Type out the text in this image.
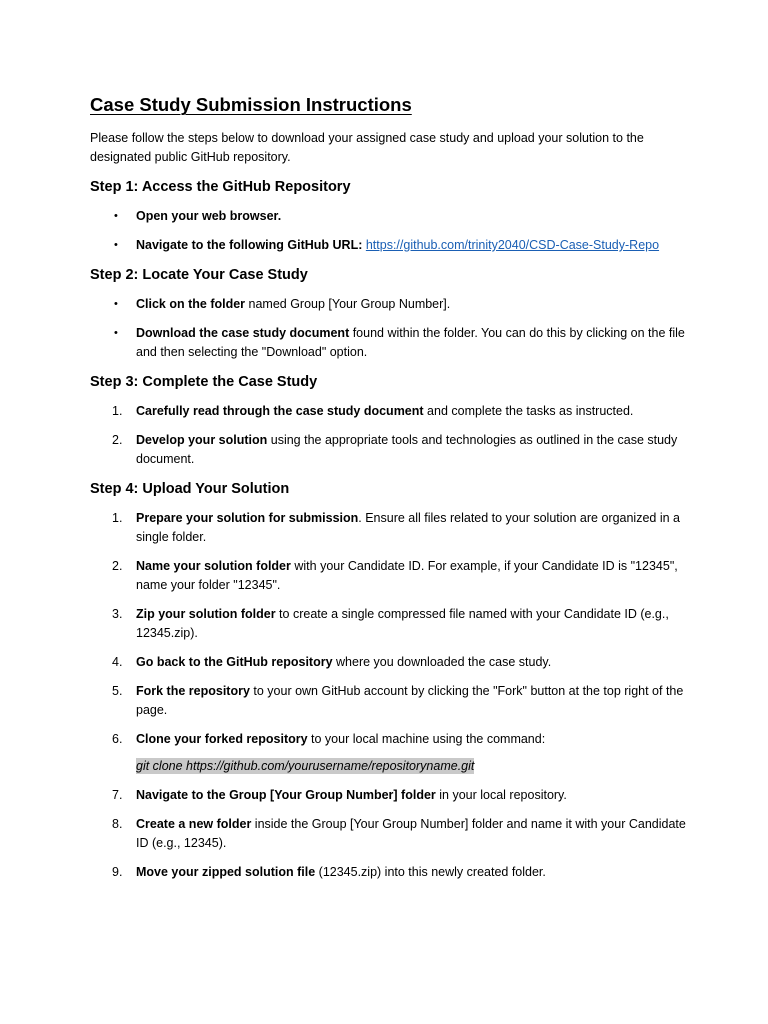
Case Study Submission Instructions

Please follow the steps below to download your assigned case study and upload your solution to the designated public GitHub repository.

Step 1: Access the GitHub Repository
• Open your web browser.
• Navigate to the following GitHub URL: https://github.com/trinity2040/CSD-Case-Study-Repo
Step 2: Locate Your Case Study
• Click on the folder named Group [Your Group Number].
• Download the case study document found within the folder. You can do this by clicking on the file and then selecting the "Download" option.
Step 3: Complete the Case Study
1. Carefully read through the case study document and complete the tasks as instructed.
2. Develop your solution using the appropriate tools and technologies as outlined in the case study document.
Step 4: Upload Your Solution
1. Prepare your solution for submission. Ensure all files related to your solution are organized in a single folder.
2. Name your solution folder with your Candidate ID. For example, if your Candidate ID is "12345", name your folder "12345".
3. Zip your solution folder to create a single compressed file named with your Candidate ID (e.g., 12345.zip).
4. Go back to the GitHub repository where you downloaded the case study.
5. Fork the repository to your own GitHub account by clicking the "Fork" button at the top right of the page.
6. Clone your forked repository to your local machine using the command:
git clone https://github.com/yourusername/repositoryname.git
7. Navigate to the Group [Your Group Number] folder in your local repository.
8. Create a new folder inside the Group [Your Group Number] folder and name it with your Candidate ID (e.g., 12345).
9. Move your zipped solution file (12345.zip) into this newly created folder.
